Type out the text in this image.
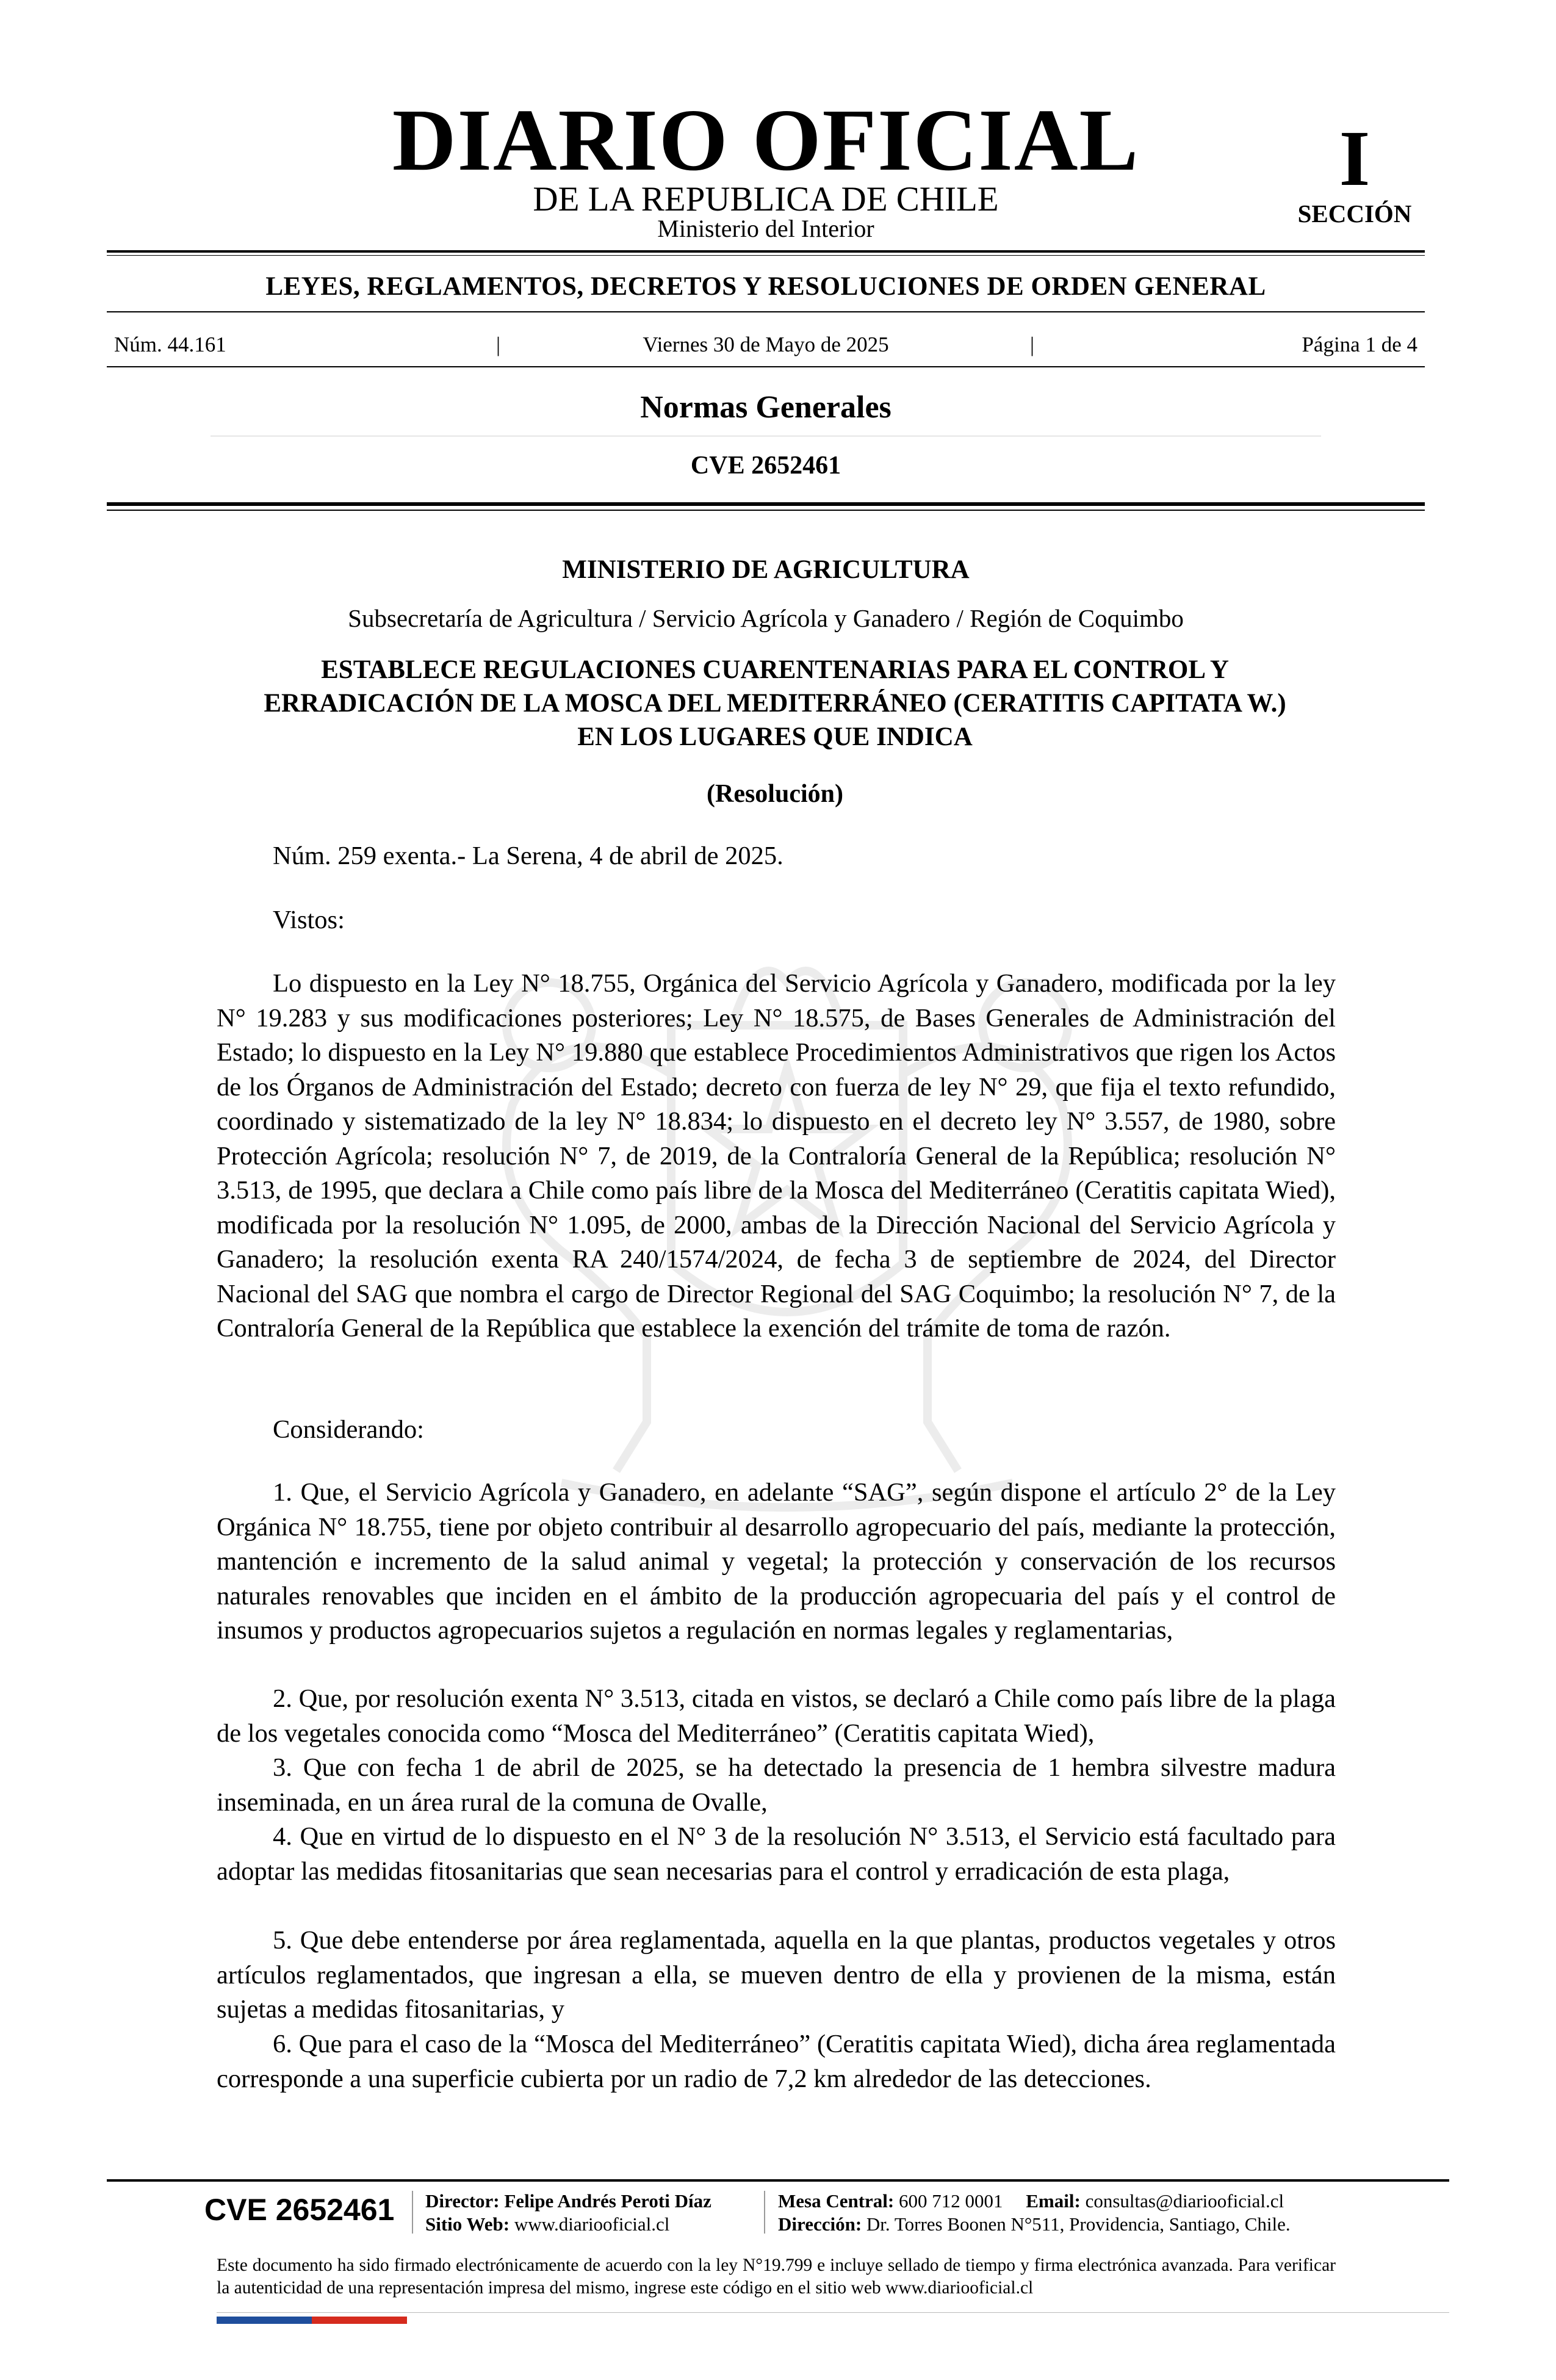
DIARIO OFICIAL
DE LA REPUBLICA DE CHILE
Ministerio del Interior
I
SECCIÓN
LEYES, REGLAMENTOS, DECRETOS Y RESOLUCIONES DE ORDEN GENERAL
Núm. 44.161	|	Viernes 30 de Mayo de 2025	|	Página 1 de 4
Normas Generales
CVE 2652461
MINISTERIO DE AGRICULTURA
Subsecretaría de Agricultura / Servicio Agrícola y Ganadero / Región de Coquimbo
ESTABLECE REGULACIONES CUARENTENARIAS PARA EL CONTROL Y ERRADICACIÓN DE LA MOSCA DEL MEDITERRÁNEO (CERATITIS CAPITATA W.) EN LOS LUGARES QUE INDICA
(Resolución)
Núm. 259 exenta.- La Serena, 4 de abril de 2025.
Vistos:
Lo dispuesto en la Ley N° 18.755, Orgánica del Servicio Agrícola y Ganadero, modificada por la ley N° 19.283 y sus modificaciones posteriores; Ley N° 18.575, de Bases Generales de Administración del Estado; lo dispuesto en la Ley N° 19.880 que establece Procedimientos Administrativos que rigen los Actos de los Órganos de Administración del Estado; decreto con fuerza de ley N° 29, que fija el texto refundido, coordinado y sistematizado de la ley N° 18.834; lo dispuesto en el decreto ley N° 3.557, de 1980, sobre Protección Agrícola; resolución N° 7, de 2019, de la Contraloría General de la República; resolución N° 3.513, de 1995, que declara a Chile como país libre de la Mosca del Mediterráneo (Ceratitis capitata Wied), modificada por la resolución N° 1.095, de 2000, ambas de la Dirección Nacional del Servicio Agrícola y Ganadero; la resolución exenta RA 240/1574/2024, de fecha 3 de septiembre de 2024, del Director Nacional del SAG que nombra el cargo de Director Regional del SAG Coquimbo; la resolución N° 7, de la Contraloría General de la República que establece la exención del trámite de toma de razón.
Considerando:
1. Que, el Servicio Agrícola y Ganadero, en adelante “SAG”, según dispone el artículo 2° de la Ley Orgánica N° 18.755, tiene por objeto contribuir al desarrollo agropecuario del país, mediante la protección, mantención e incremento de la salud animal y vegetal; la protección y conservación de los recursos naturales renovables que inciden en el ámbito de la producción agropecuaria del país y el control de insumos y productos agropecuarios sujetos a regulación en normas legales y reglamentarias,
2. Que, por resolución exenta N° 3.513, citada en vistos, se declaró a Chile como país libre de la plaga de los vegetales conocida como “Mosca del Mediterráneo” (Ceratitis capitata Wied),
3. Que con fecha 1 de abril de 2025, se ha detectado la presencia de 1 hembra silvestre madura inseminada, en un área rural de la comuna de Ovalle,
4. Que en virtud de lo dispuesto en el N° 3 de la resolución N° 3.513, el Servicio está facultado para adoptar las medidas fitosanitarias que sean necesarias para el control y erradicación de esta plaga,
5. Que debe entenderse por área reglamentada, aquella en la que plantas, productos vegetales y otros artículos reglamentados, que ingresan a ella, se mueven dentro de ella y provienen de la misma, están sujetas a medidas fitosanitarias, y
6. Que para el caso de la “Mosca del Mediterráneo” (Ceratitis capitata Wied), dicha área reglamentada corresponde a una superficie cubierta por un radio de 7,2 km alrededor de las detecciones.
CVE 2652461 Director: Felipe Andrés Peroti Díaz
Sitio Web: www.diariooficial.cl
Mesa Central: 600 712 0001 Email: consultas@diariooficial.cl
Dirección: Dr. Torres Boonen N°511, Providencia, Santiago, Chile.
Este documento ha sido firmado electrónicamente de acuerdo con la ley N°19.799 e incluye sellado de tiempo y firma electrónica avanzada. Para verificar la autenticidad de una representación impresa del mismo, ingrese este código en el sitio web www.diariooficial.cl
